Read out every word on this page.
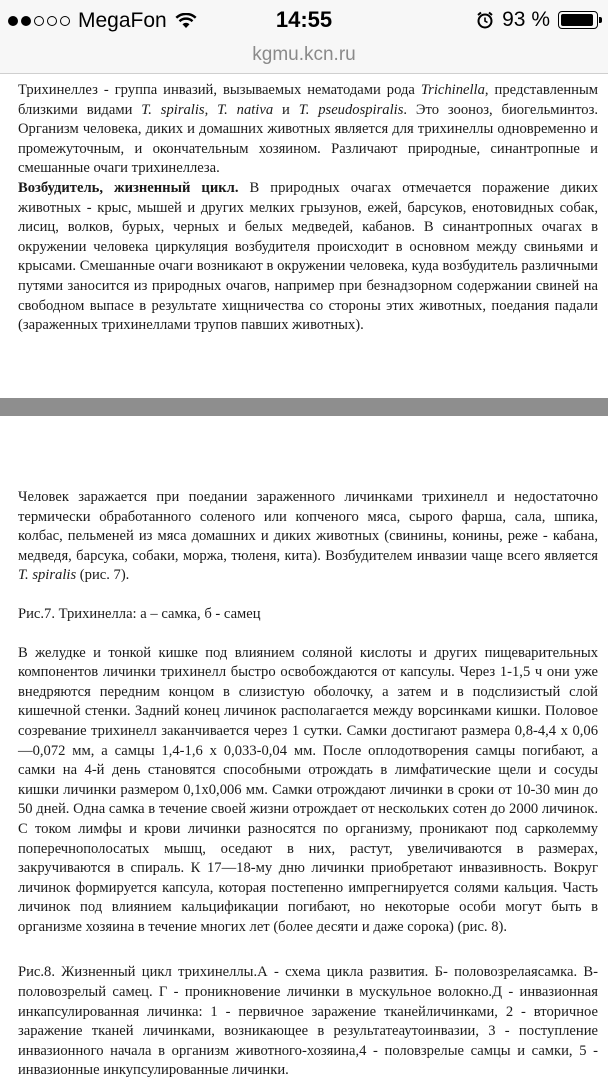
MegaFon	14:55	93 %
kgmu.kcn.ru

Трихинеллез - группа инвазий, вызываемых нематодами рода Trichinella, представленным близкими видами T. spiralis, T. nativa и T. pseudospiralis. Это зооноз, биогельминтоз. Организм человека, диких и домашних животных является для трихинеллы одновременно и промежуточным, и окончательным хозяином. Различают природные, синантропные и смешанные очаги трихинеллеза.

Возбудитель, жизненный цикл. В природных очагах отмечается поражение диких животных - крыс, мышей и других мелких грызунов, ежей, барсуков, енотовидных собак, лисиц, волков, бурых, черных и белых медведей, кабанов. В синантропных очагах в окружении человека циркуляция возбудителя происходит в основном между свиньями и крысами. Смешанные очаги возникают в окружении человека, куда возбудитель различными путями заносится из природных очагов, например при безнадзорном содержании свиней на свободном выпасе в результате хищничества со стороны этих животных, поедания падали (зараженных трихинеллами трупов павших животных).

Человек заражается при поедании зараженного личинками трихинелл и недостаточно термически обработанного соленого или копченого мяса, сырого фарша, сала, шпика, колбас, пельменей из мяса домашних и диких животных (свинины, конины, реже - кабана, медведя, барсука, собаки, моржа, тюленя, кита). Возбудителем инвазии чаще всего является T. spiralis (рис. 7).

Рис.7. Трихинелла: а – самка, б - самец

В желудке и тонкой кишке под влиянием соляной кислоты и других пищеварительных компонентов личинки трихинелл быстро освобождаются от капсулы. Через 1-1,5 ч они уже внедряются передним концом в слизистую оболочку, а затем и в подслизистый слой кишечной стенки. Задний конец личинок располагается между ворсинками кишки. Половое созревание трихинелл заканчивается через 1 сутки. Самки достигают размера 0,8-4,4 х 0,06—0,072 мм, а самцы 1,4-1,6 х 0,033-0,04 мм. После оплодотворения самцы погибают, а самки на 4-й день становятся способными отрождать в лимфатические щели и сосуды кишки личинки размером 0,1х0,006 мм. Самки отрождают личинки в сроки от 10-30 мин до 50 дней. Одна самка в течение своей жизни отрождает от нескольких сотен до 2000 личинок. С током лимфы и крови личинки разносятся по организму, проникают под сарколемму поперечнополосатых мышц, оседают в них, растут, увеличиваются в размерах, закручиваются в спираль. К 17—18-му дню личинки приобретают инвазивность. Вокруг личинок формируется капсула, которая постепенно импрегнируется солями кальция. Часть личинок под влиянием кальцификации погибают, но некоторые особи могут быть в организме хозяина в течение многих лет (более десяти и даже сорока) (рис. 8).

Рис.8. Жизненный цикл трихинеллы.А - схема цикла развития. Б- половозрелаясамка. В- половозрелый самец. Г - проникновение личинки в мускульное волокно.Д - инвазионная инкапсулированная личинка: 1 - первичное заражение тканейличинками, 2 - вторичное заражение тканей личинками, возникающее в результатеаутоинвазии, 3 - поступление инвазионного начала в организм животного-хозяина,4 - половзрелые самцы и самки, 5 - инвазионные инкупсулированные личинки.
